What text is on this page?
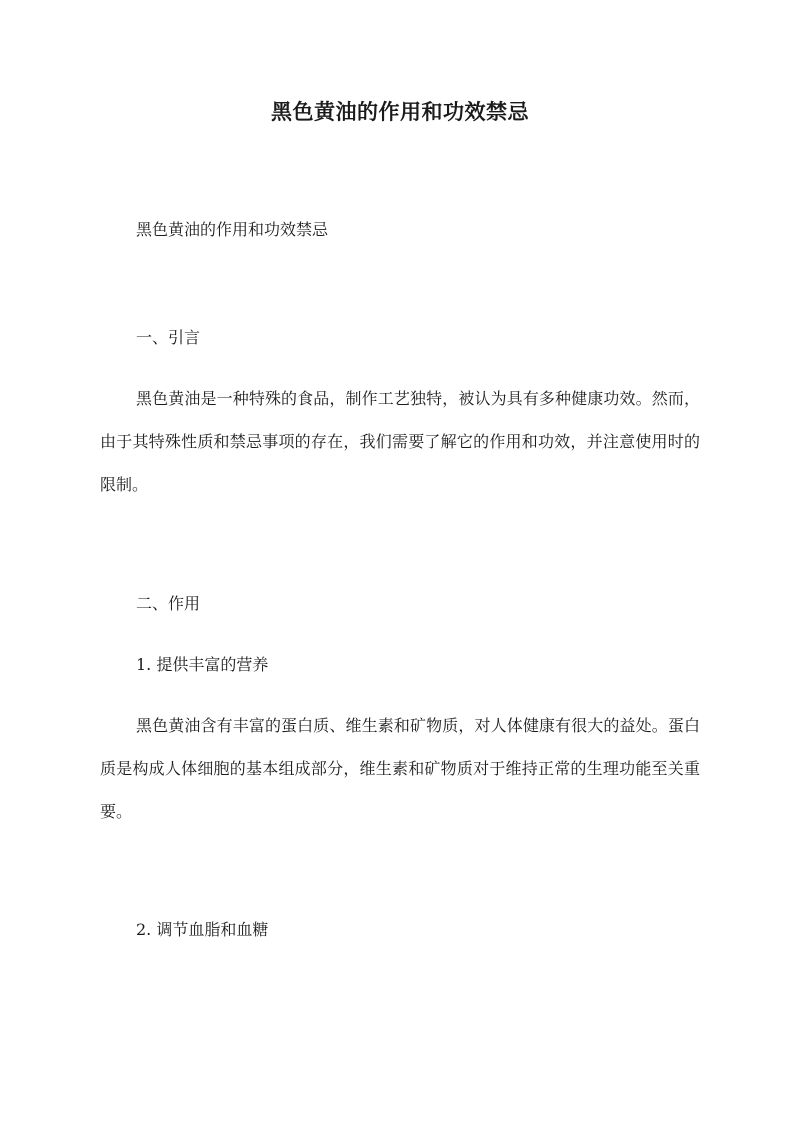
黑色黄油的作用和功效禁忌
黑色黄油的作用和功效禁忌
一、引言
黑色黄油是一种特殊的食品，制作工艺独特，被认为具有多种健康功效。然而，由于其特殊性质和禁忌事项的存在，我们需要了解它的作用和功效，并注意使用时的限制。
二、作用
1. 提供丰富的营养
黑色黄油含有丰富的蛋白质、维生素和矿物质，对人体健康有很大的益处。蛋白质是构成人体细胞的基本组成部分，维生素和矿物质对于维持正常的生理功能至关重要。
2. 调节血脂和血糖
